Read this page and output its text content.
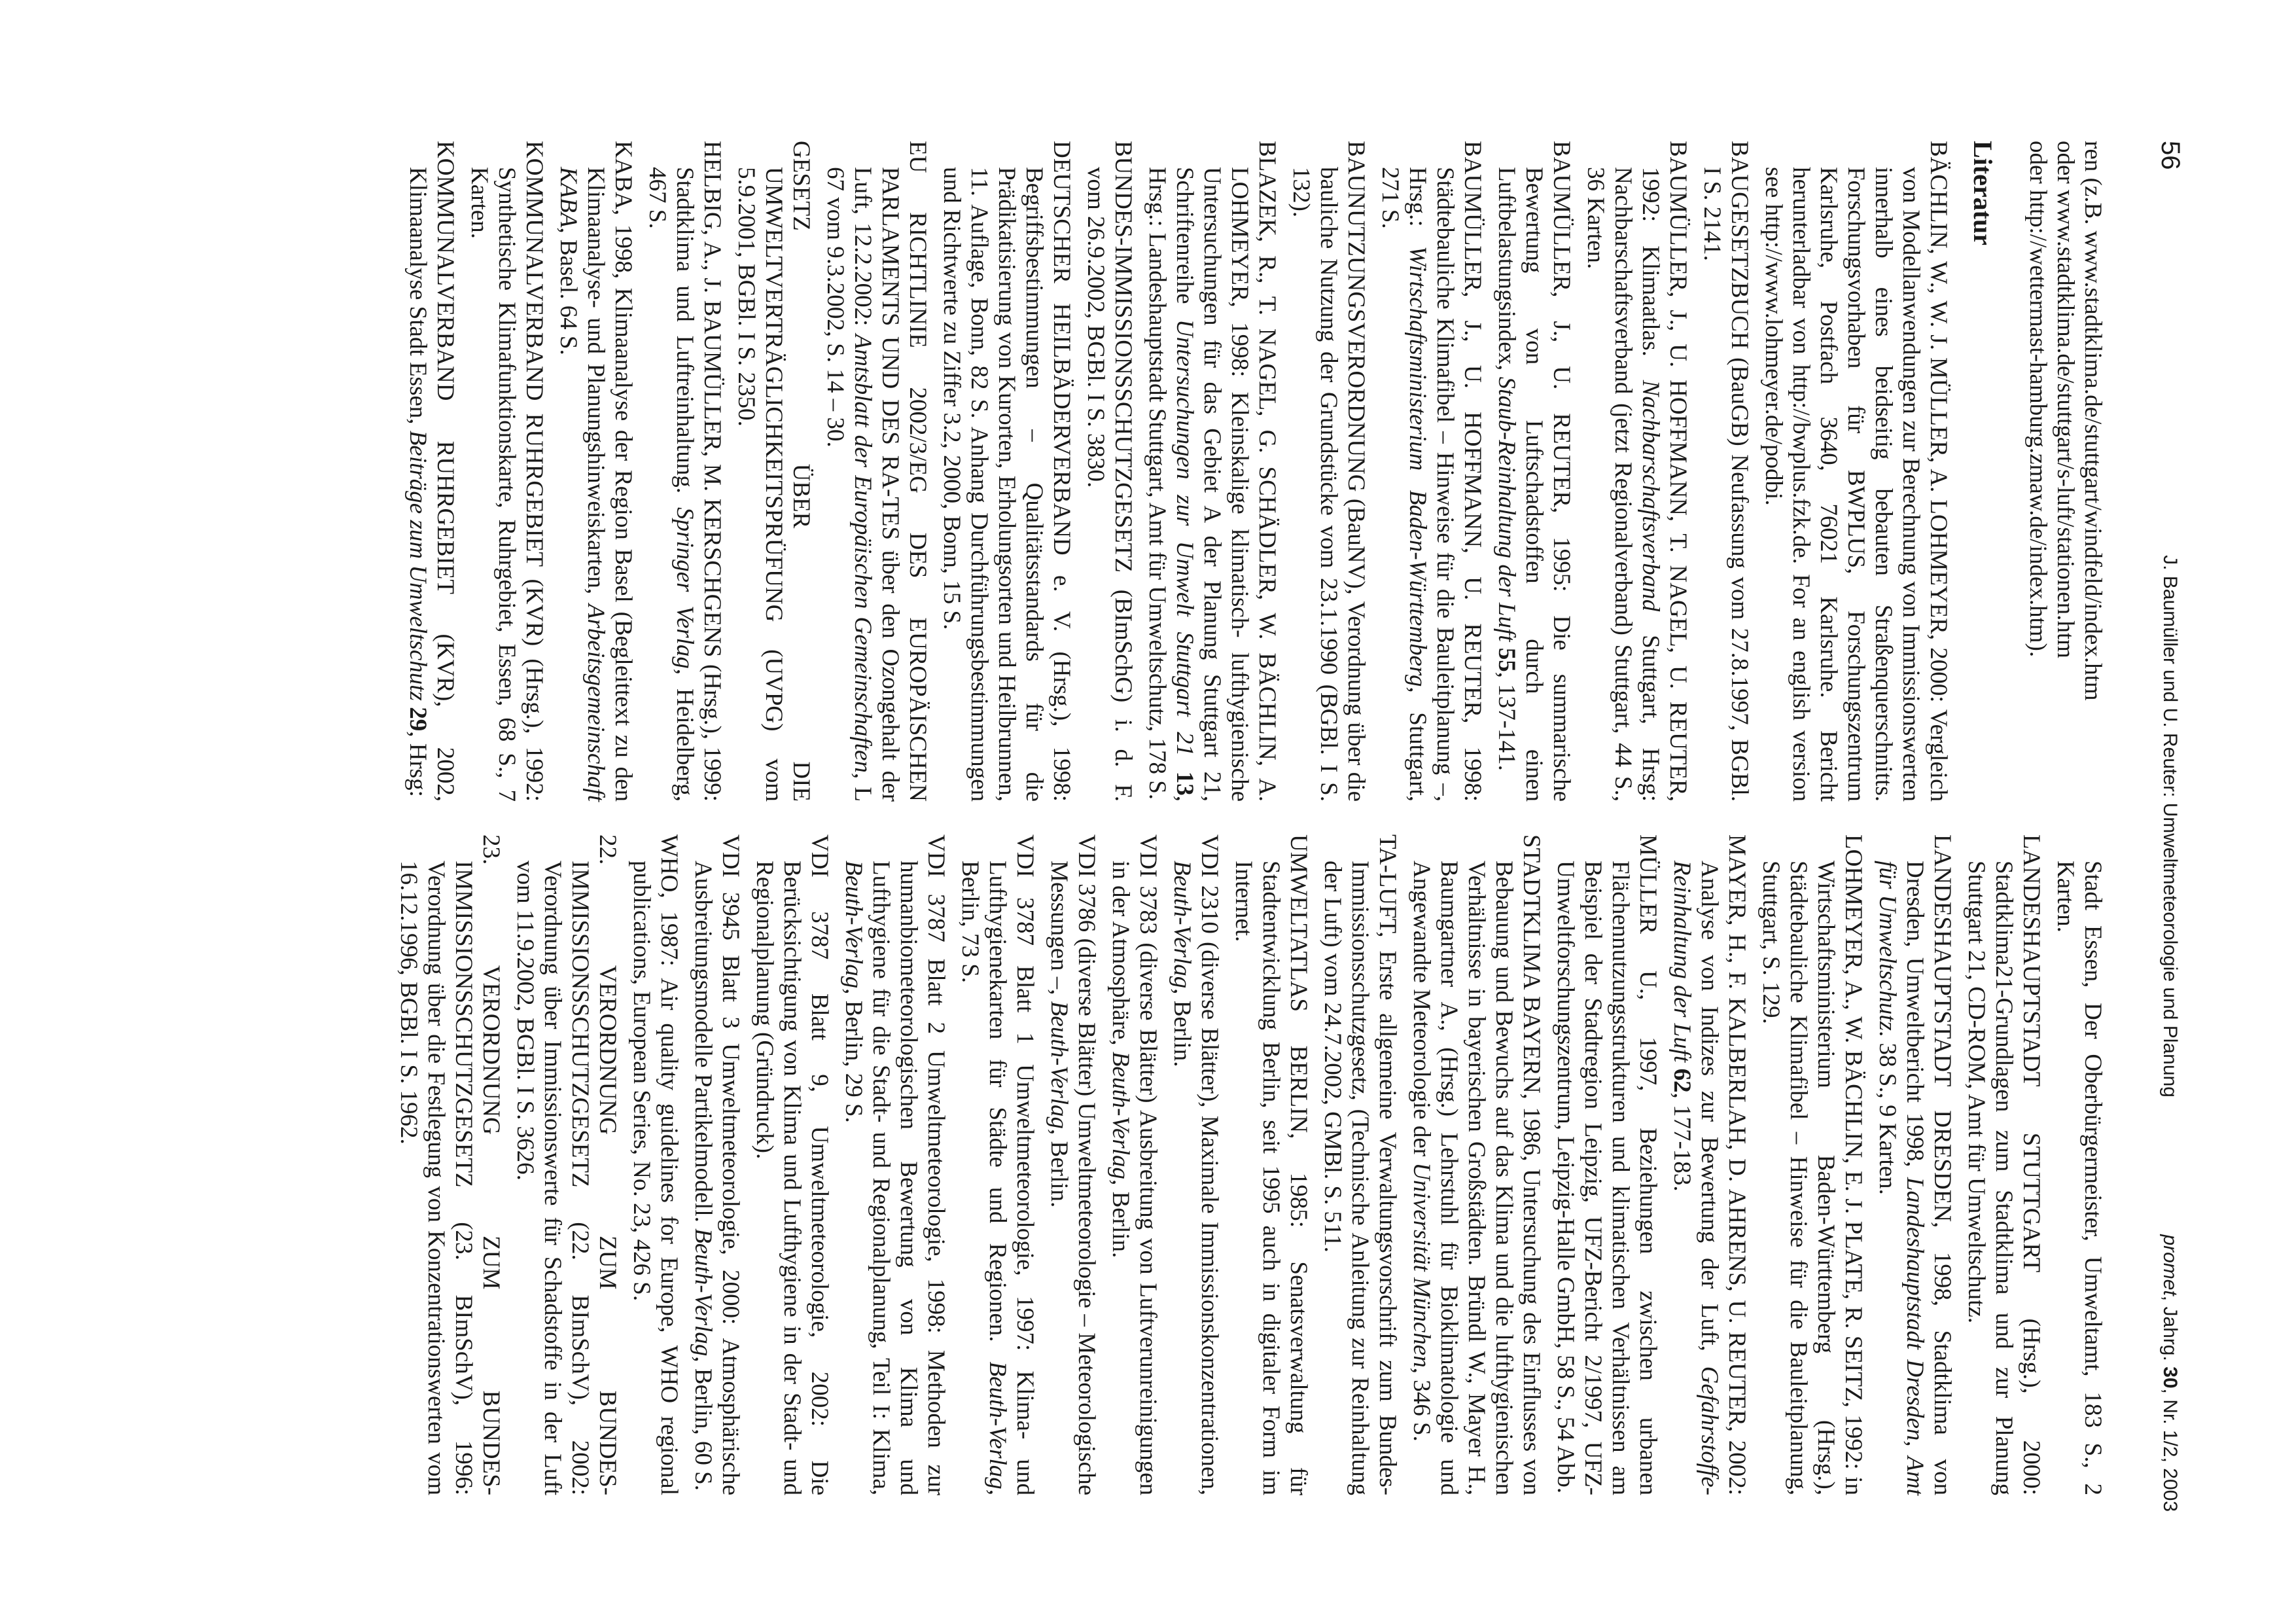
56
J. Baumüller und U. Reuter: Umweltmeteorologie und Planung
promet, Jahrg. 30, Nr. 1/2, 2003

ren (z.B. www.stadtklima.de/stuttgart/windfeld/index.htm

oder www.stadtklima.de/stuttgart/s-luft/stationen.htm

oder http://wettermast-hamburg.zmaw.de/index.htm).

Literatur

BÄCHLIN, W., W. J. MÜLLER, A. LOHMEYER, 2000: Vergleich von Modellanwendungen zur Berechnung von Immissionswerten innerhalb eines beidseitig bebauten Straßenquerschnitts. Forschungsvorhaben für BWPLUS, Forschungszentrum Karlsruhe, Postfach 3640, 76021 Karlsruhe. Bericht herunterladbar von http://bwplus.fzk.de. For an english version see http://www.lohmeyer.de/podbi.

BAUGESETZBUCH (BauGB) Neufassung vom 27.8.1997, BGBl. I S. 2141.

BAUMÜLLER, J., U. HOFFMANN, T. NAGEL, U. REUTER, 1992: Klimaatlas. Nachbarschaftsverband Stuttgart, Hrsg: Nachbarschaftsverband (jetzt Regionalverband) Stuttgart, 44 S., 36 Karten.

BAUMÜLLER, J., U. REUTER, 1995: Die summarische Bewertung von Luftschadstoffen durch einen Luftbelastungsindex, Staub-Reinhaltung der Luft 55, 137-141.

BAUMÜLLER, J., U. HOFFMANN, U. REUTER, 1998: Städtebauliche Klimafibel – Hinweise für die Bauleitplanung –, Hrsg.: Wirtschaftsministerium Baden-Württemberg, Stuttgart, 271 S.

BAUNUTZUNGSVERORDNUNG (BauNV), Verordnung über die bauliche Nutzung der Grundstücke vom 23.1.1990 (BGBl. I S. 132).

BLAZEK, R., T. NAGEL, G. SCHÄDLER, W. BÄCHLIN, A. LOHMEYER, 1998: Kleinskalige klimatisch- lufthygienische Untersuchungen für das Gebiet A der Planung Stuttgart 21, Schriftenreihe Untersuchungen zur Umwelt Stuttgart 21 13, Hrsg.: Landeshauptstadt Stuttgart, Amt für Umweltschutz, 178 S.

BUNDES-IMMISSIONSSCHUTZGESETZ (BImSchG) i. d. F. vom 26.9.2002, BGBl. I S. 3830.

DEUTSCHER HEILBÄDERVERBAND e. V. (Hrsg.), 1998: Begriffsbestimmungen – Qualitätsstandards für die Prädikatisierung von Kurorten, Erholungsorten und Heilbrunnen, 11. Auflage, Bonn, 82 S. Anhang Durchführungsbestimmungen und Richtwerte zu Ziffer 3.2, 2000, Bonn, 15 S.

EU RICHTLINIE 2002/3/EG DES EUROPÄISCHEN PARLAMENTS UND DES RA-TES über den Ozongehalt der Luft, 12.2.2002: Amtsblatt der Europäischen Gemeinschaften, L 67 vom 9.3.2002, S. 14 – 30.

GESETZ ÜBER DIE UMWELTVERTRÄGLICHKEITSPRÜFUNG (UVPG) vom 5.9.2001, BGBl. I S. 2350.

HELBIG, A., J. BAUMÜLLER, M. KERSCHGENS (Hrsg.), 1999: Stadtklima und Luftreinhaltung. Springer Verlag, Heidelberg, 467 S.

KABA, 1998, Klimaanalyse der Region Basel (Begleittext zu den Klimaanalyse- und Planungshinweiskarten, Arbeitsgemeinschaft KABA, Basel. 64 S.

KOMMUNALVERBAND RUHRGEBIET (KVR) (Hrsg.), 1992: Synthetische Klimafunktionskarte, Ruhrgebiet, Essen, 68 S., 7 Karten.

KOMMUNALVERBAND RUHRGEBIET (KVR), 2002, Klimaanalyse Stadt Essen, Beiträge zum Umweltschutz 29, Hrsg:

Stadt Essen, Der Oberbürgermeister, Umweltamt, 183 S., 2 Karten.

LANDESHAUPTSTADT STUTTGART (Hrsg.), 2000: Stadtklima21-Grundlagen zum Stadtklima und zur Planung Stuttgart 21, CD-ROM, Amt für Umweltschutz.

LANDESHAUPTSTADT DRESDEN, 1998, Stadtklima von Dresden, Umweltbericht 1998, Landeshauptstadt Dresden, Amt für Umweltschutz. 38 S., 9 Karten.

LOHMEYER, A., W. BÄCHLIN, E. J. PLATE, R. SEITZ, 1992: in Wirtschaftsministerium Baden-Württemberg (Hrsg.), Städtebauliche Klimafibel – Hinweise für die Bauleitplanung, Stuttgart, S. 129.

MAYER, H., F. KALBERLAH, D. AHRENS, U. REUTER, 2002: Analyse von Indizes zur Bewertung der Luft, Gefahrstoffe- Reinhaltung der Luft 62, 177-183.

MÜLLER U., 1997, Beziehungen zwischen urbanen Flächennutzungsstrukturen und klimatischen Verhältnissen am Beispiel der Stadtregion Leipzig, UFZ-Bericht 2/1997, UFZ-Umweltforschungszentrum, Leipzig-Halle GmbH, 58 S., 54 Abb.

STADTKLIMA BAYERN, 1986, Untersuchung des Einflusses von Bebauung und Bewuchs auf das Klima und die lufthygienischen Verhältnisse in bayerischen Großstädten. Bründl W., Mayer H., Baumgartner A., (Hrsg.) Lehrstuhl für Bioklimatologie und Angewandte Meteorologie der Universität München, 346 S.

TA-LUFT, Erste allgemeine Verwaltungsvorschrift zum Bundes-Immissionsschutzgesetz, (Technische Anleitung zur Reinhaltung der Luft) vom 24.7.2002, GMBl. S. 511.

UMWELTATLAS BERLIN, 1985: Senatsverwaltung für Stadtentwicklung Berlin, seit 1995 auch in digitaler Form im Internet.

VDI 2310 (diverse Blätter), Maximale Immissionskonzentrationen, Beuth-Verlag, Berlin.

VDI 3783 (diverse Blätter) Ausbreitung von Luftverunreinigungen in der Atmosphäre, Beuth-Verlag, Berlin.

VDI 3786 (diverse Blätter) Umweltmeteorologie – Meteorologische Messungen –, Beuth-Verlag, Berlin.

VDI 3787 Blatt 1 Umweltmeteorologie, 1997: Klima- und Lufthygienekarten für Städte und Regionen. Beuth-Verlag, Berlin, 73 S.

VDI 3787 Blatt 2 Umweltmeteorologie, 1998: Methoden zur humanbiometeorologischen Bewertung von Klima und Lufthygiene für die Stadt- und Regionalplanung, Teil I: Klima, Beuth-Verlag, Berlin, 29 S.

VDI 3787 Blatt 9, Umweltmeteorologie, 2002: Die Berücksichtigung von Klima und Lufthygiene in der Stadt- und Regionalplanung (Gründruck).

VDI 3945 Blatt 3 Umweltmeteorologie, 2000: Atmosphärische Ausbreitungsmodelle Partikelmodell. Beuth-Verlag, Berlin, 60 S.

WHO, 1987: Air quality guidelines for Europe, WHO regional publications, European Series, No. 23, 426 S.

22. VERORDNUNG ZUM BUNDES-IMMISSIONSSCHUTZGESETZ (22. BImSchV), 2002: Verordnung über Immissionswerte für Schadstoffe in der Luft vom 11.9.2002, BGBl. I S. 3626.

23. VERORDNUNG ZUM BUNDES-IMMISSIONSSCHUTZGESETZ (23. BImSchV), 1996: Verordnung über die Festlegung von Konzentrationswerten vom 16.12.1996, BGBl. I S. 1962.
